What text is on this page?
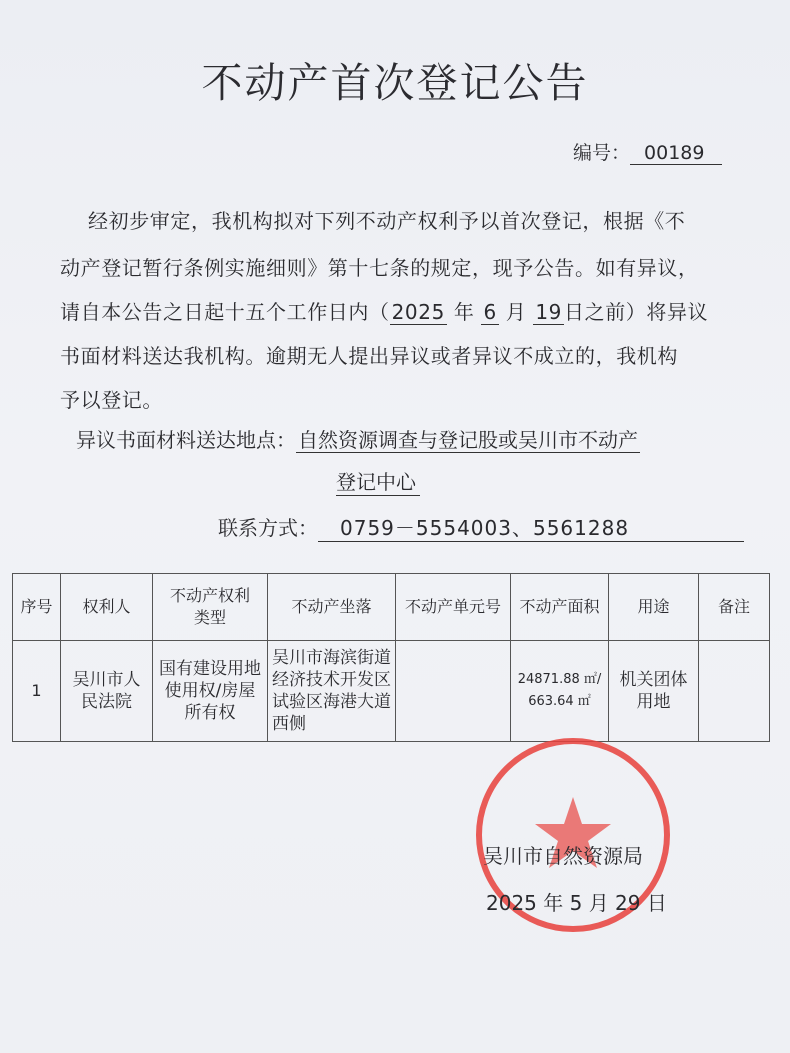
不动产首次登记公告
编号： 00189
经初步审定，我机构拟对下列不动产权利予以首次登记，根据《不
动产登记暂行条例实施细则》第十七条的规定，现予公告。如有异议，
请自本公告之日起十五个工作日内（ 2025 年 6 月 19 日之前）将异议
书面材料送达我机构。逾期无人提出异议或者异议不成立的，我机构
予以登记。
异议书面材料送达地点： 自然资源调查与登记股或吴川市不动产
登记中心
联系方式： 0759－5554003、5561288
序号	权利人	不动产权利类型	不动产坐落	不动产单元号	不动产面积	用途	备注
1	吴川市人民法院	国有建设用地使用权/房屋所有权	吴川市海滨街道经济技术开发区试验区海港大道西侧		24871.88 ㎡/ 663.64 ㎡	机关团体用地	
吴川市自然资源局
2025 年 5 月 29 日
